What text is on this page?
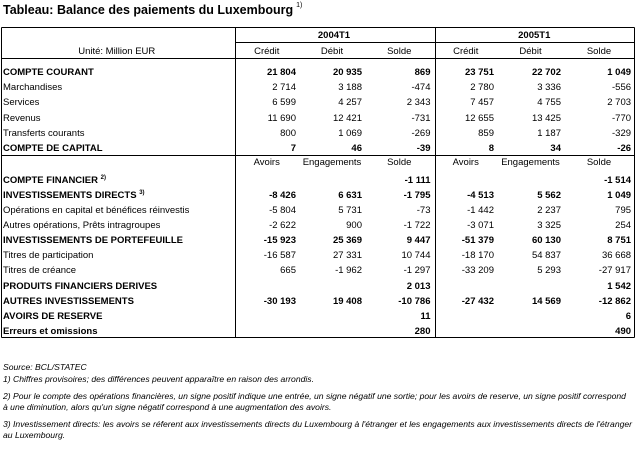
Tableau: Balance des paiements du Luxembourg $^{1)}$
	2004T1			2005T1		
Unité: Million EUR	Crédit	Débit	Solde	Crédit	Débit	Solde

COMPTE COURANT	21 804	20 935	869	23 751	22 702	1 049
Marchandises	2 714	3 188	-474	2 780	3 336	-556
Services	6 599	4 257	2 343	7 457	4 755	2 703
Revenus	11 690	12 421	-731	12 655	13 425	-770
Transferts courants	800	1 069	-269	859	1 187	-329
COMPTE DE CAPITAL	7	46	-39	8	34	-26
	Avoirs	Engagements	Solde	Avoirs	Engagements	Solde
COMPTE FINANCIER $^{2)}$			-1 111			-1 514
INVESTISSEMENTS DIRECTS $^{3)}$	-8 426	6 631	-1 795	-4 513	5 562	1 049
Opérations en capital et bénéfices réinvestis	-5 804	5 731	-73	-1 442	2 237	795
Autres opérations, Prêts intragroupes	-2 622	900	-1 722	-3 071	3 325	254
INVESTISSEMENTS DE PORTEFEUILLE	-15 923	25 369	9 447	-51 379	60 130	8 751
Titres de participation	-16 587	27 331	10 744	-18 170	54 837	36 668
Titres de créance	665	-1 962	-1 297	-33 209	5 293	-27 917
PRODUITS FINANCIERS DERIVES			2 013			1 542
AUTRES INVESTISSEMENTS	-30 193	19 408	-10 786	-27 432	14 569	-12 862
AVOIRS DE RESERVE			11			6
Erreurs et omissions			280			490
Source: BCL/STATEC
1) Chiffres provisoires; des différences peuvent apparaître en raison des arrondis.
2) Pour le compte des opérations financières, un signe positif indique une entrée, un signe négatif une sortie; pour les avoirs de reserve, un signe positif correspond à une diminution, alors qu'un signe négatif correspond à une augmentation des avoirs.
3) Investissement directs: les avoirs se réferent aux investissements directs du Luxembourg à l'étranger et les engagements aux investissements directs de l'étranger au Luxembourg.
